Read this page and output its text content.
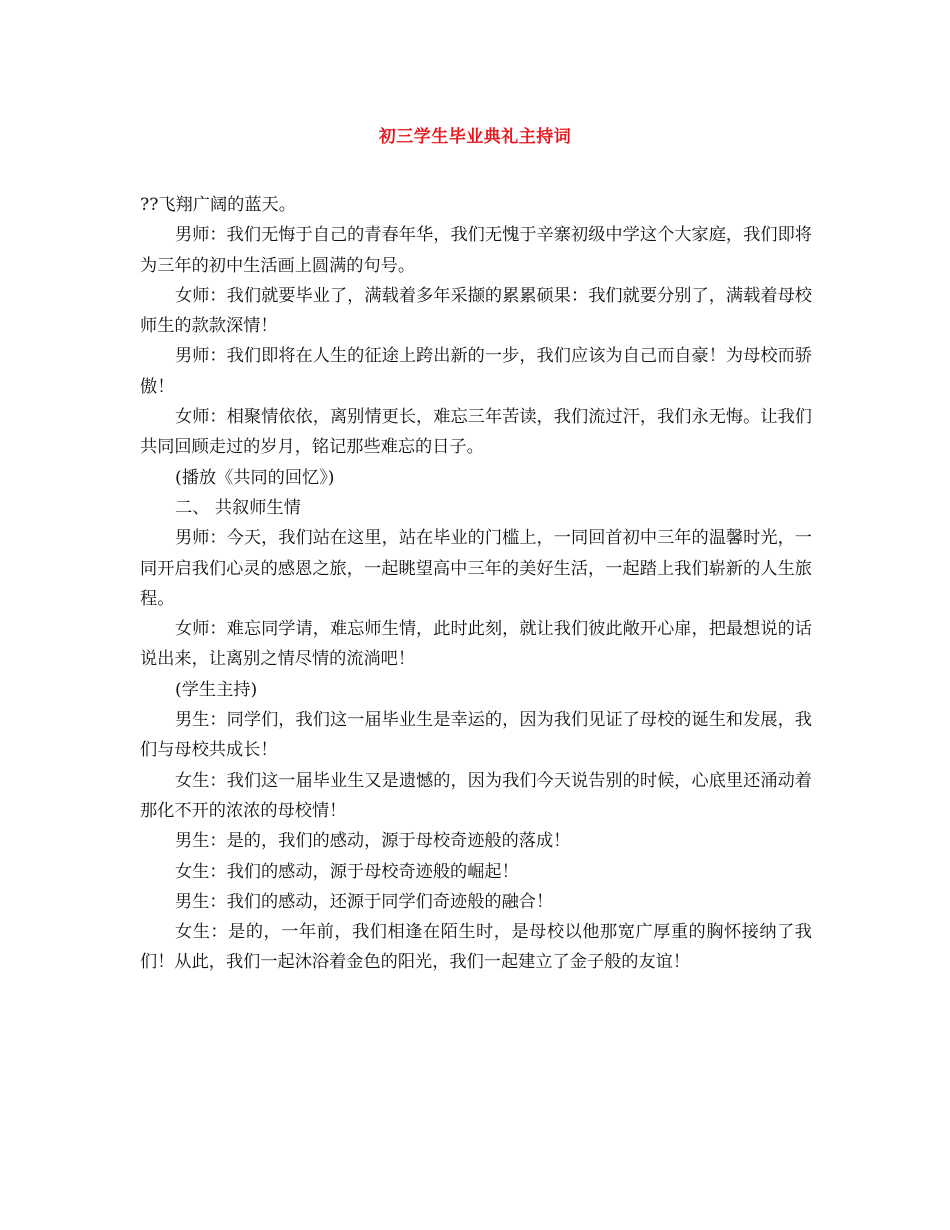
初三学生毕业典礼主持词

??飞翔广阔的蓝天。

男师：我们无悔于自己的青春年华，我们无愧于辛寨初级中学这个大家庭，我们即将为三年的初中生活画上圆满的句号。

女师：我们就要毕业了，满载着多年采撷的累累硕果：我们就要分别了，满载着母校师生的款款深情！

男师：我们即将在人生的征途上跨出新的一步，我们应该为自己而自豪！为母校而骄傲！

女师：相聚情依依，离别情更长，难忘三年苦读，我们流过汗，我们永无悔。让我们共同回顾走过的岁月，铭记那些难忘的日子。

(播放《共同的回忆》)

二、 共叙师生情

男师：今天，我们站在这里，站在毕业的门槛上，一同回首初中三年的温馨时光，一同开启我们心灵的感恩之旅，一起眺望高中三年的美好生活，一起踏上我们崭新的人生旅程。

女师：难忘同学请，难忘师生情，此时此刻，就让我们彼此敞开心扉，把最想说的话说出来，让离别之情尽情的流淌吧！

(学生主持)

男生：同学们，我们这一届毕业生是幸运的，因为我们见证了母校的诞生和发展，我们与母校共成长！

女生：我们这一届毕业生又是遗憾的，因为我们今天说告别的时候，心底里还涌动着那化不开的浓浓的母校情！

男生：是的，我们的感动，源于母校奇迹般的落成！

女生：我们的感动，源于母校奇迹般的崛起！

男生：我们的感动，还源于同学们奇迹般的融合！

女生：是的，一年前，我们相逢在陌生时，是母校以他那宽广厚重的胸怀接纳了我们！从此，我们一起沐浴着金色的阳光，我们一起建立了金子般的友谊！
